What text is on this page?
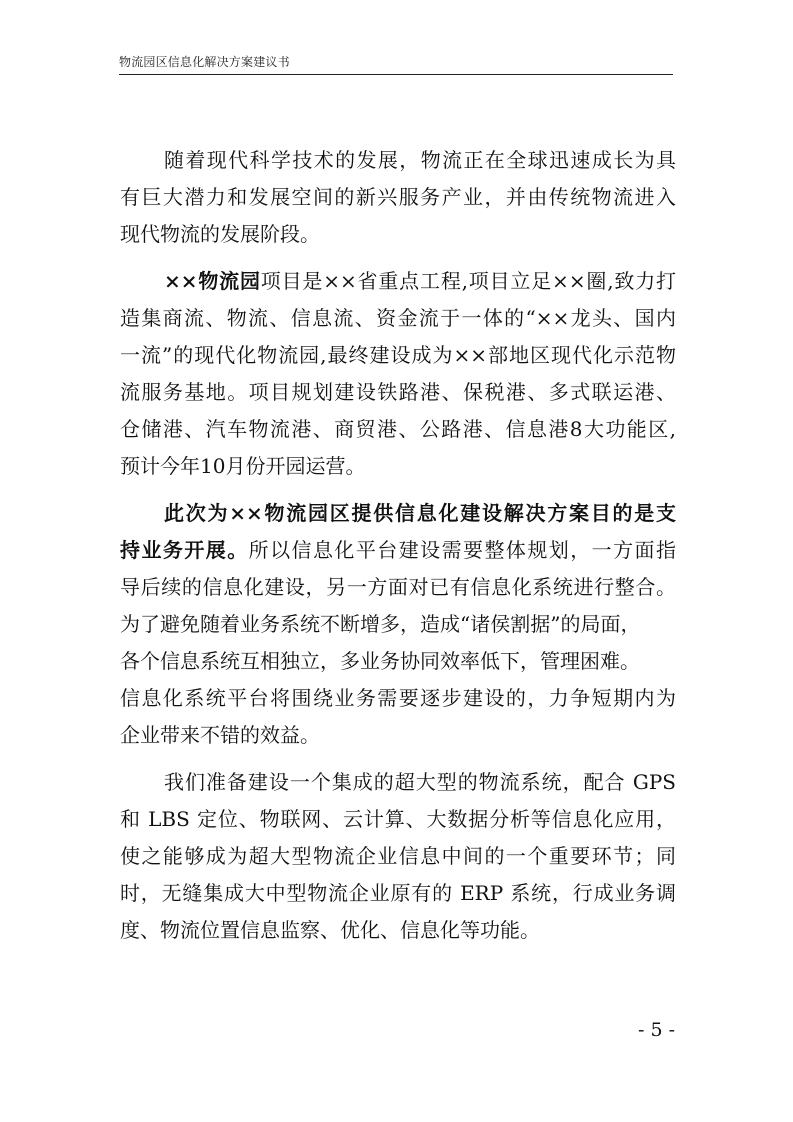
物流园区信息化解决方案建议书
随着现代科学技术的发展，物流正在全球迅速成长为具
有巨大潜力和发展空间的新兴服务产业，并由传统物流进入
现代物流的发展阶段。
××物流园项目是××省重点工程,项目立足××圈,致力打
造集商流、物流、信息流、资金流于一体的“××龙头、国内
一流”的现代化物流园,最终建设成为××部地区现代化示范物
流服务基地。项目规划建设铁路港、保税港、多式联运港、
仓储港、汽车物流港、商贸港、公路港、信息港8大功能区,
预计今年10月份开园运营。
此次为××物流园区提供信息化建设解决方案目的是支
持业务开展。所以信息化平台建设需要整体规划，一方面指
导后续的信息化建设，另一方面对已有信息化系统进行整合。
为了避免随着业务系统不断增多，造成“诸侯割据”的局面，
各个信息系统互相独立，多业务协同效率低下，管理困难。
信息化系统平台将围绕业务需要逐步建设的，力争短期内为
企业带来不错的效益。
我们准备建设一个集成的超大型的物流系统，配合 GPS
和 LBS 定位、物联网、云计算、大数据分析等信息化应用，
使之能够成为超大型物流企业信息中间的一个重要环节；同
时，无缝集成大中型物流企业原有的 ERP 系统，行成业务调
度、物流位置信息监察、优化、信息化等功能。
- 5 -
